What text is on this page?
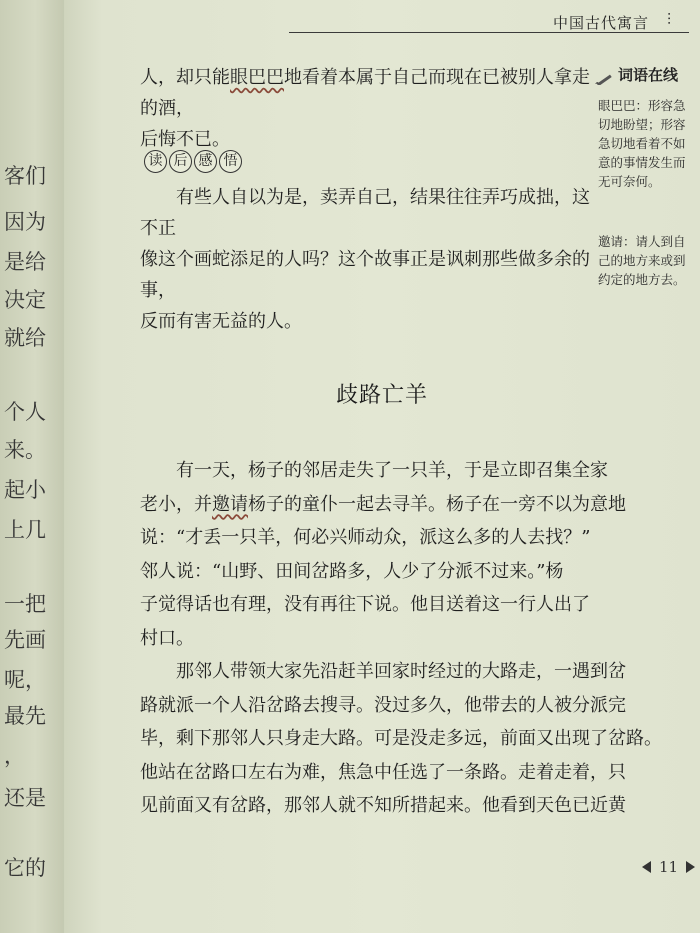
客们
因为
是给
决定
就给
个人
来。
起小
上几
一把
先画
呢，
最先
，
还是
它的
中国古代寓言 ⫶
人，却只能眼巴巴地看着本属于自己而现在已被别人拿走的酒，
后悔不已。
读 后 感 悟
有些人自以为是，卖弄自己，结果往往弄巧成拙，这不正
像这个画蛇添足的人吗？这个故事正是讽刺那些做多余的事，
反而有害无益的人。
词语在线
眼巴巴：形容急切地盼望；形容急切地看着不如意的事情发生而无可奈何。
邀请：请人到自己的地方来或到约定的地方去。
歧路亡羊
有一天，杨子的邻居走失了一只羊，于是立即召集全家
老小，并邀请杨子的童仆一起去寻羊。杨子在一旁不以为意地
说：“才丢一只羊，何必兴师动众，派这么多的人去找？”
邻人说：“山野、田间岔路多，人少了分派不过来。”杨
子觉得话也有理，没有再往下说。他目送着这一行人出了
村口。
那邻人带领大家先沿赶羊回家时经过的大路走，一遇到岔
路就派一个人沿岔路去搜寻。没过多久，他带去的人被分派完
毕，剩下那邻人只身走大路。可是没走多远，前面又出现了岔路。
他站在岔路口左右为难，焦急中任选了一条路。走着走着，只
见前面又有岔路，那邻人就不知所措起来。他看到天色已近黄
11
